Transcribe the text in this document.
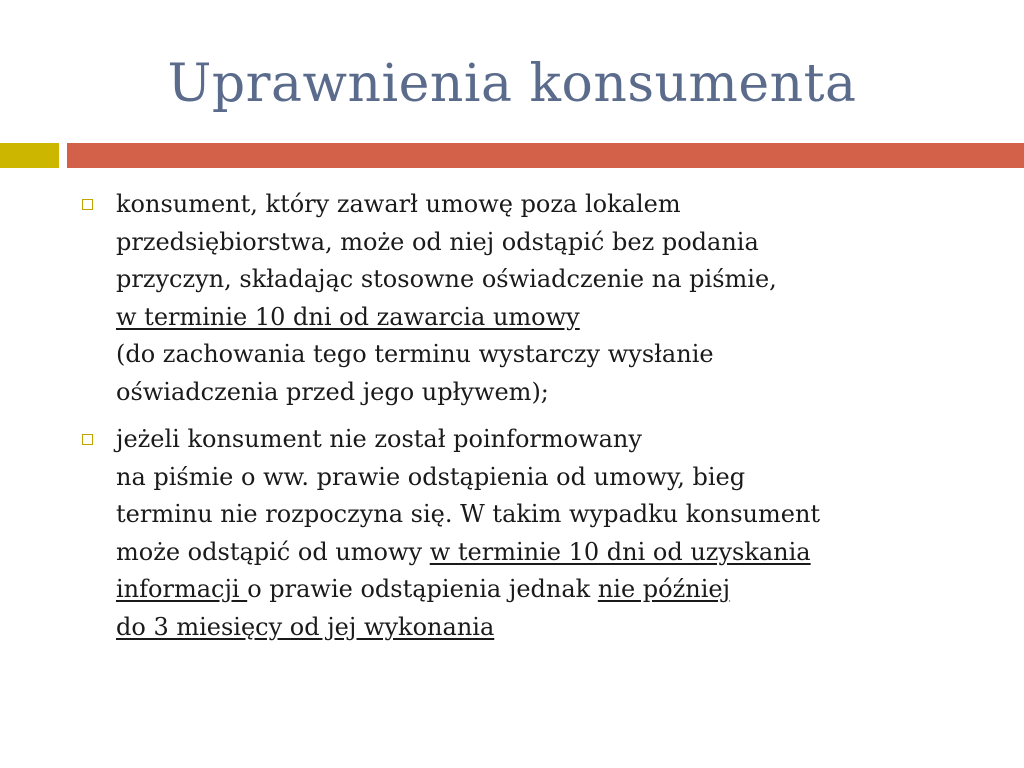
Uprawnienia konsumenta
konsument, który zawarł umowę poza lokalem
przedsiębiorstwa, może od niej odstąpić bez podania
przyczyn, składając stosowne oświadczenie na piśmie,
w terminie 10 dni od zawarcia umowy
(do zachowania tego terminu wystarczy wysłanie
oświadczenia przed jego upływem);
jeżeli konsument nie został poinformowany
na piśmie o ww. prawie odstąpienia od umowy, bieg
terminu nie rozpoczyna się. W takim wypadku konsument
może odstąpić od umowy w terminie 10 dni od uzyskania
informacji o prawie odstąpienia jednak nie później
do 3 miesięcy od jej wykonania
